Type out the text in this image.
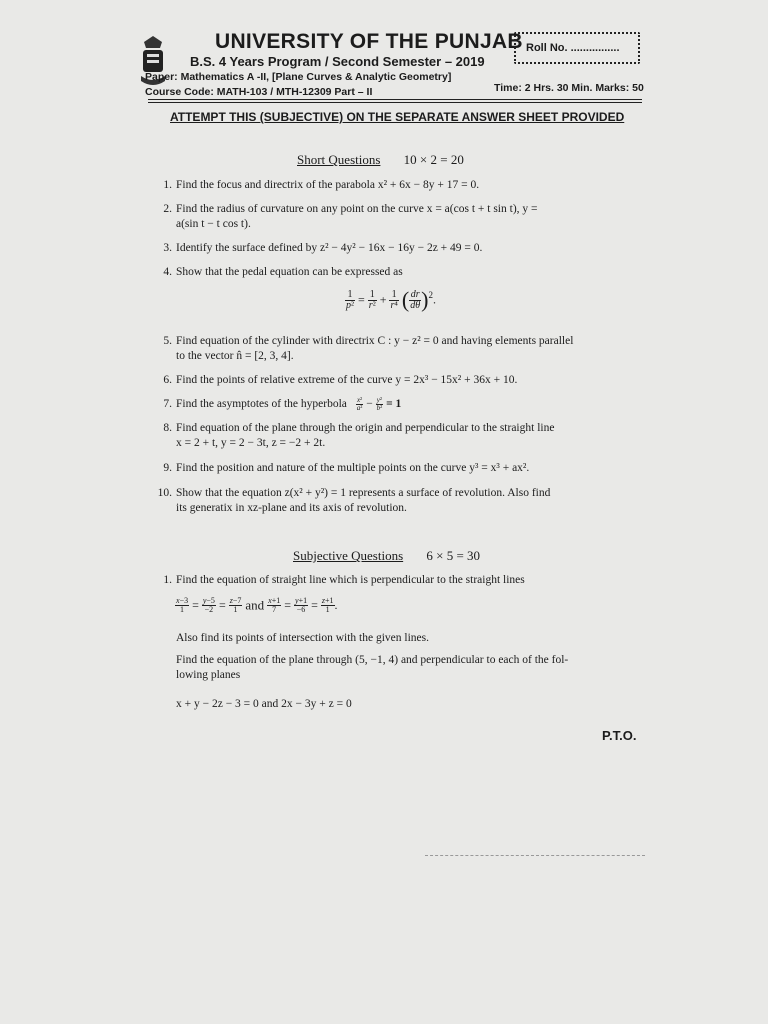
UNIVERSITY OF THE PUNJAB
B.S. 4 Years Program / Second Semester – 2019
Paper: Mathematics A -II, [Plane Curves & Analytic Geometry]
Course Code: MATH-103 / MTH-12309 Part – II	Time: 2 Hrs. 30 Min. Marks: 50
Roll No. ................
ATTEMPT THIS (SUBJECTIVE) ON THE SEPARATE ANSWER SHEET PROVIDED
Short Questions 10 × 2 = 20
1. Find the focus and directrix of the parabola x² + 6x − 8y + 17 = 0.
2. Find the radius of curvature on any point on the curve x = a(cos t + t sin t), y =
a(sin t − t cos t).
3. Identify the surface defined by z² − 4y² − 16x − 16y − 2z + 49 = 0.
4. Show that the pedal equation can be expressed as
$\frac{1}{\text{p²}} = \frac{1}{\text{r²}} + \frac{1}{\text{r⁴}}$ ( $\frac{dr}{d\theta} )^2$.
5. Find equation of the cylinder with directrix C : y − z² = 0 and having elements parallel
to the vector n̂ = [2, 3, 4].
6. Find the points of relative extreme of the curve y = 2x³ − 15x² + 36x + 10.
7. Find the asymptotes of the hyperbola $\frac{\text{x²}}{\text{a²}} - \frac{\text{y²}}{\text{b²}} = 1$
8. Find equation of the plane through the origin and perpendicular to the straight line
x = 2 + t, y = 2 − 3t, z = −2 + 2t.
9. Find the position and nature of the multiple points on the curve y³ = x³ + ax².
10. Show that the equation z(x² + y²) = 1 represents a surface of revolution. Also find
its generatix in xz-plane and its axis of revolution.
Subjective Questions 6 × 5 = 30
1. Find the equation of straight line which is perpendicular to the straight lines
$\frac{x-3}{1} = \frac{y-5}{-2} = \frac{z-7}{1}$ and $\frac{x+1}{7} = \frac{y+1}{-6} = \frac{z+1}{1}$ .
Also find its points of intersection with the given lines.
Find the equation of the plane through (5, −1, 4) and perpendicular to each of the fol-
lowing planes
x + y − 2z − 3 = 0 and 2x − 3y + z = 0
P.T.O.
